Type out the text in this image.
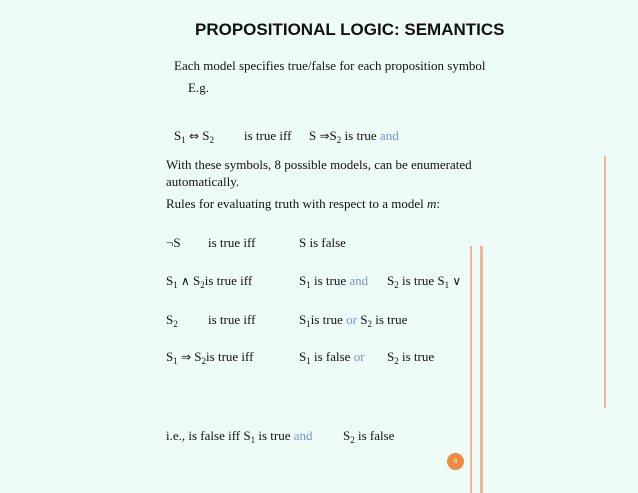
PROPOSITIONAL LOGIC: SEMANTICS
Each model specifies true/false for each proposition symbol
E.g.
$S_1$ ⇔ $S_2$ is true iff S $\Rightarrow S_2$ is true and
With these symbols, 8 possible models, can be enumerated
automatically.
Rules for evaluating truth with respect to a model m:
¬S is true iff	S is false
$S_1$ ∧ $S_2is$ true iff	$S_1$ is true and $S_2$ is true $S_1$ ∨
$S_2$ is true iff	$S_1is$ true or $S_2$ is true
$S_1$ ⇒ $S_2is$ true iff	$S_1$ is false or $S_2$ is true
i.e., is false iff $S_1$ is true and $S_2$ is false
6
